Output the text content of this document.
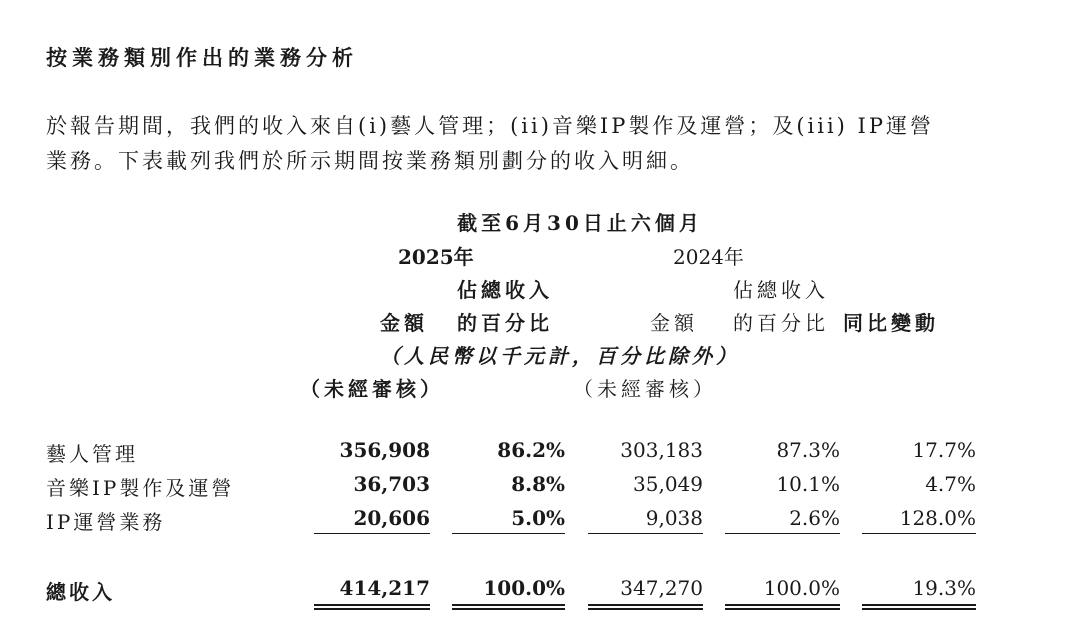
按業務類別作出的業務分析
於報告期間，我們的收入來自(i)藝人管理；(ii)音樂IP製作及運營；及(iii) IP運營
業務。下表載列我們於所示期間按業務類別劃分的收入明細。
截至6月30日止六個月
2025年	2024年
佔總收入	佔總收入
金額 的百分比	金額 的百分比 同比變動
（人民幣以千元計，百分比除外）
（未經審核）	（未經審核）
藝人管理	356,908	86.2%	303,183	87.3%	17.7%
音樂IP製作及運營	36,703	8.8%	35,049	10.1%	4.7%
IP運營業務	20,606	5.0%	9,038	2.6%	128.0%
總收入	414,217	100.0%	347,270	100.0%	19.3%
